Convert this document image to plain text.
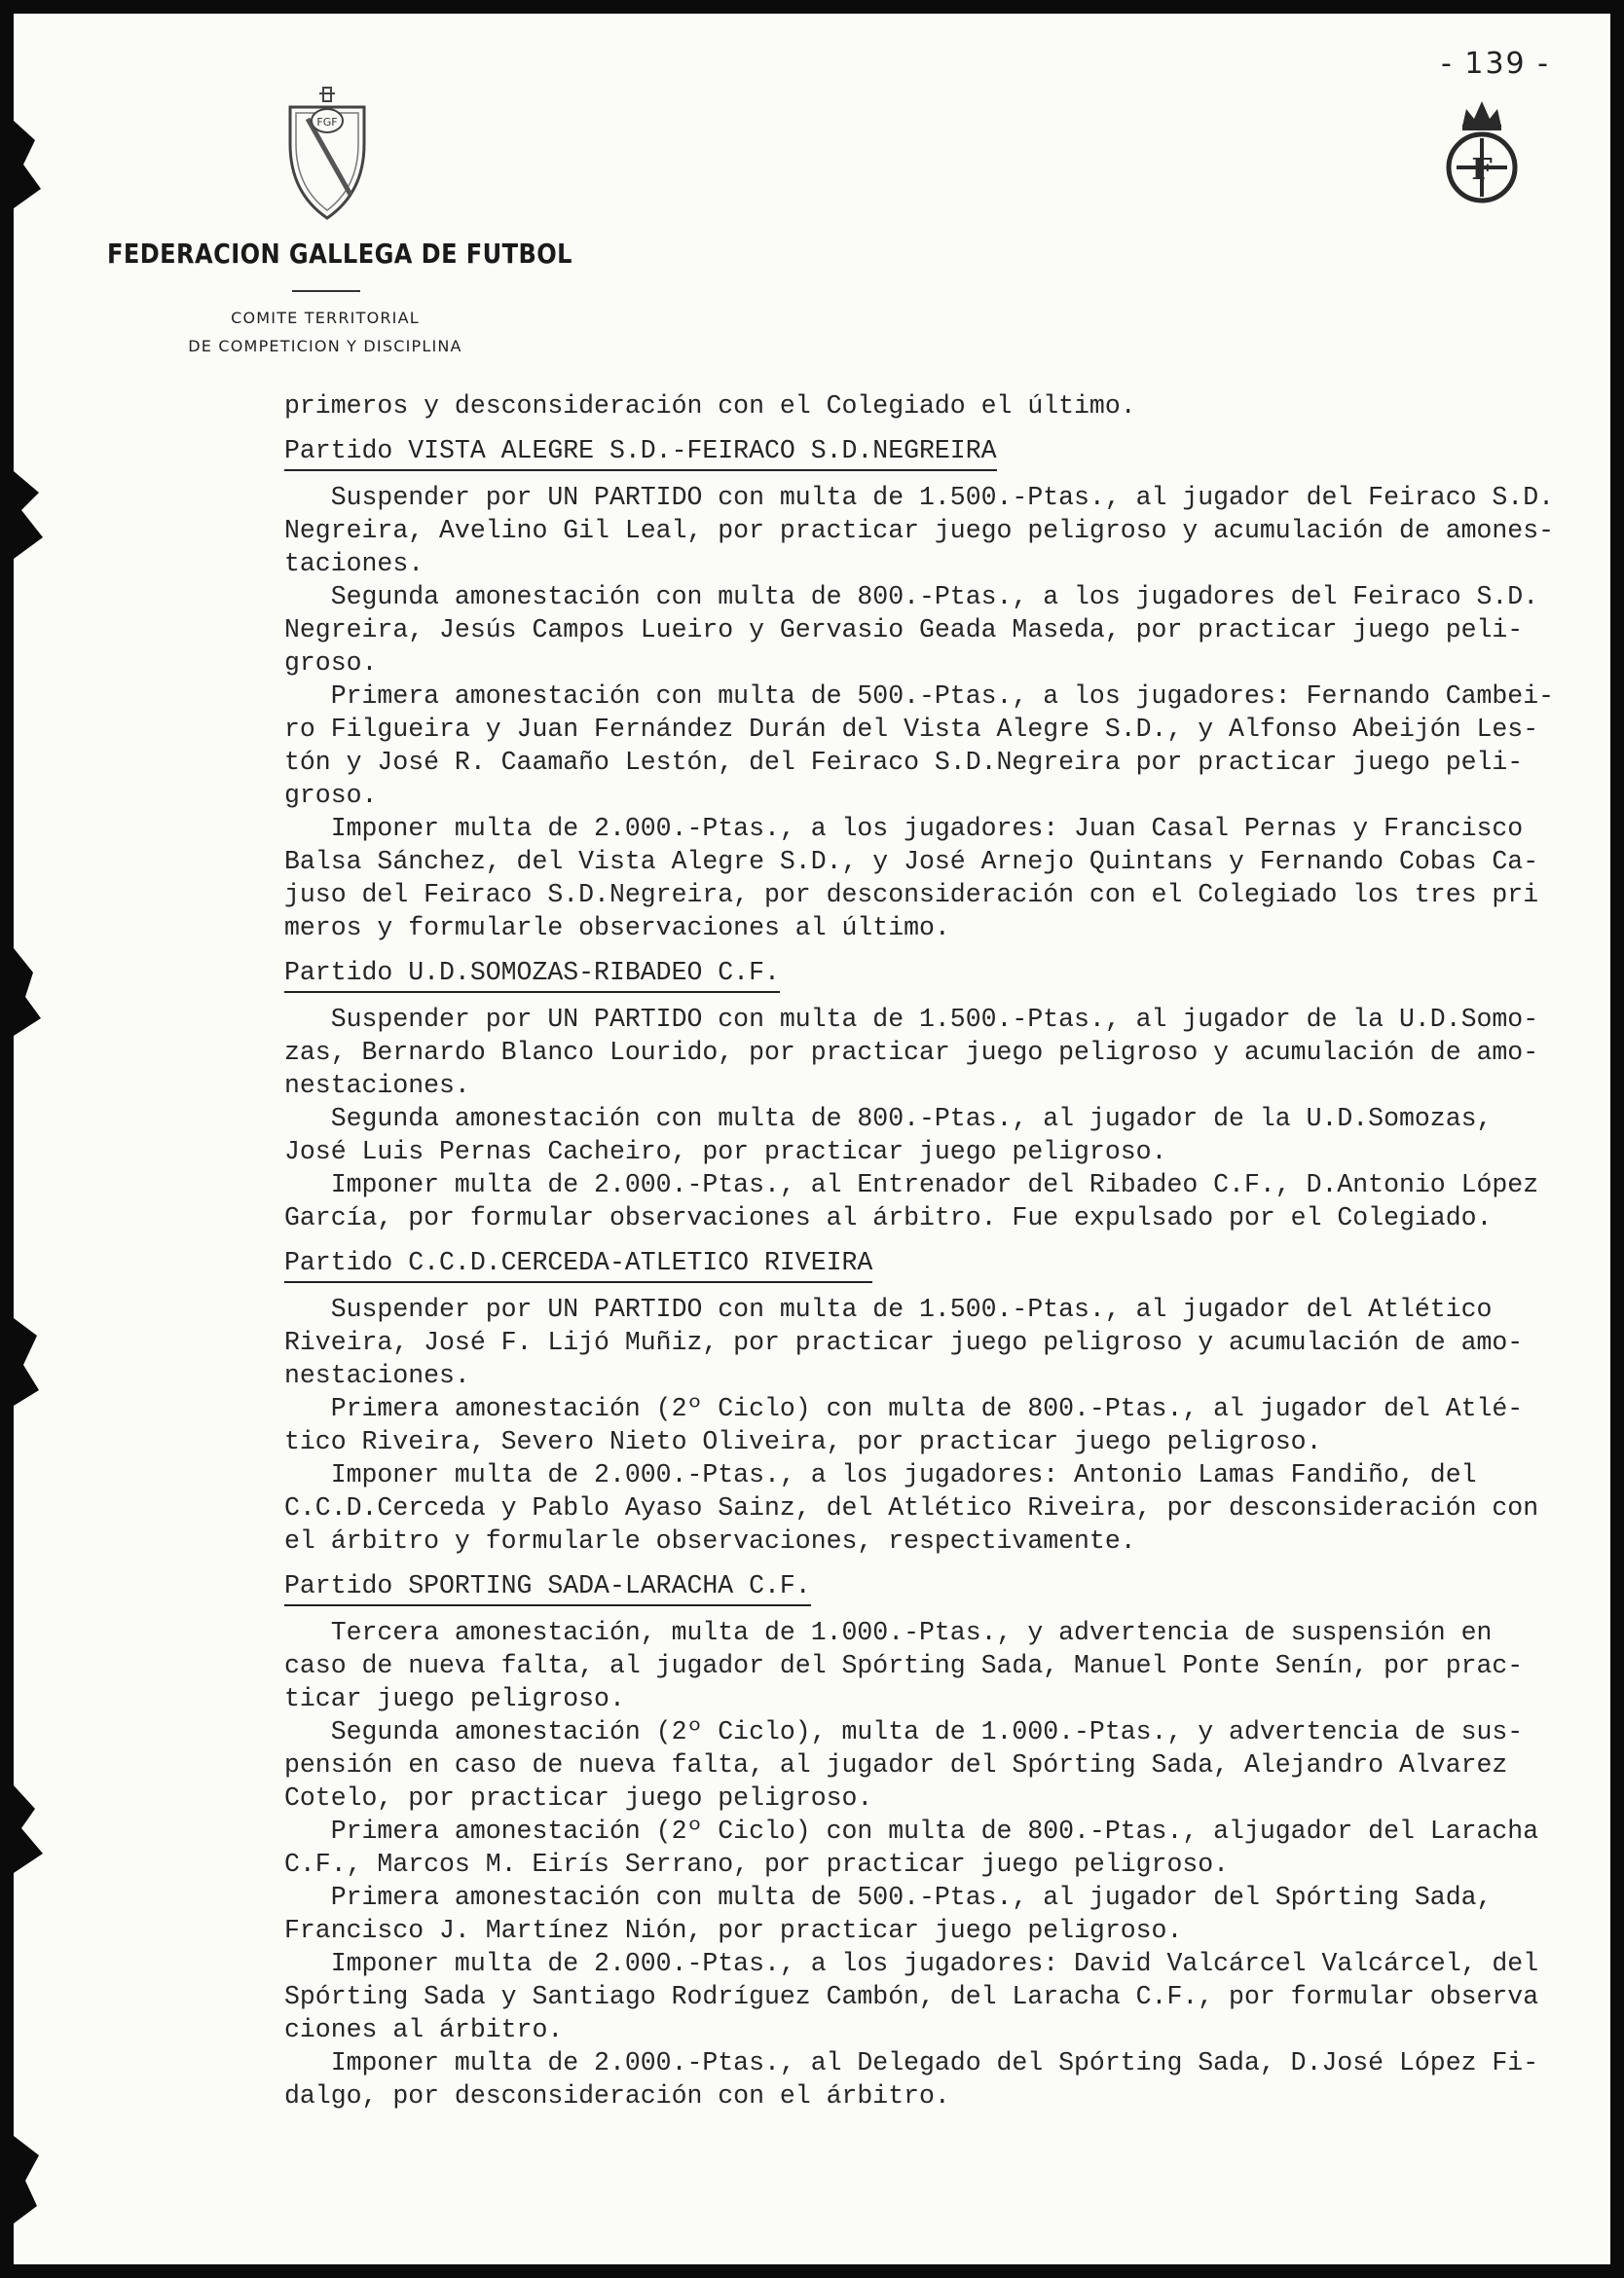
- 139 -
FGF
F
FEDERACION GALLEGA DE FUTBOL
COMITE TERRITORIAL
DE COMPETICION Y DISCIPLINA
primeros y desconsideración con el Colegiado el último.
Partido VISTA ALEGRE S.D.-FEIRACO S.D.NEGREIRA
Suspender por UN PARTIDO con multa de 1.500.-Ptas., al jugador del Feiraco S.D.
Negreira, Avelino Gil Leal, por practicar juego peligroso y acumulación de amones-
taciones.
Segunda amonestación con multa de 800.-Ptas., a los jugadores del Feiraco S.D.
Negreira, Jesús Campos Lueiro y Gervasio Geada Maseda, por practicar juego peli-
groso.
Primera amonestación con multa de 500.-Ptas., a los jugadores: Fernando Cambei-
ro Filgueira y Juan Fernández Durán del Vista Alegre S.D., y Alfonso Abeijón Les-
tón y José R. Caamaño Lestón, del Feiraco S.D.Negreira por practicar juego peli-
groso.
Imponer multa de 2.000.-Ptas., a los jugadores: Juan Casal Pernas y Francisco
Balsa Sánchez, del Vista Alegre S.D., y José Arnejo Quintans y Fernando Cobas Ca-
juso del Feiraco S.D.Negreira, por desconsideración con el Colegiado los tres pri
meros y formularle observaciones al último.
Partido U.D.SOMOZAS-RIBADEO C.F.
Suspender por UN PARTIDO con multa de 1.500.-Ptas., al jugador de la U.D.Somo-
zas, Bernardo Blanco Lourido, por practicar juego peligroso y acumulación de amo-
nestaciones.
Segunda amonestación con multa de 800.-Ptas., al jugador de la U.D.Somozas,
José Luis Pernas Cacheiro, por practicar juego peligroso.
Imponer multa de 2.000.-Ptas., al Entrenador del Ribadeo C.F., D.Antonio López
García, por formular observaciones al árbitro. Fue expulsado por el Colegiado.
Partido C.C.D.CERCEDA-ATLETICO RIVEIRA
Suspender por UN PARTIDO con multa de 1.500.-Ptas., al jugador del Atlético
Riveira, José F. Lijó Muñiz, por practicar juego peligroso y acumulación de amo-
nestaciones.
Primera amonestación (2º Ciclo) con multa de 800.-Ptas., al jugador del Atlé-
tico Riveira, Severo Nieto Oliveira, por practicar juego peligroso.
Imponer multa de 2.000.-Ptas., a los jugadores: Antonio Lamas Fandiño, del
C.C.D.Cerceda y Pablo Ayaso Sainz, del Atlético Riveira, por desconsideración con
el árbitro y formularle observaciones, respectivamente.
Partido SPORTING SADA-LARACHA C.F.
Tercera amonestación, multa de 1.000.-Ptas., y advertencia de suspensión en
caso de nueva falta, al jugador del Spórting Sada, Manuel Ponte Senín, por prac-
ticar juego peligroso.
Segunda amonestación (2º Ciclo), multa de 1.000.-Ptas., y advertencia de sus-
pensión en caso de nueva falta, al jugador del Spórting Sada, Alejandro Alvarez
Cotelo, por practicar juego peligroso.
Primera amonestación (2º Ciclo) con multa de 800.-Ptas., aljugador del Laracha
C.F., Marcos M. Eirís Serrano, por practicar juego peligroso.
Primera amonestación con multa de 500.-Ptas., al jugador del Spórting Sada,
Francisco J. Martínez Nión, por practicar juego peligroso.
Imponer multa de 2.000.-Ptas., a los jugadores: David Valcárcel Valcárcel, del
Spórting Sada y Santiago Rodríguez Cambón, del Laracha C.F., por formular observa
ciones al árbitro.
Imponer multa de 2.000.-Ptas., al Delegado del Spórting Sada, D.José López Fi-
dalgo, por desconsideración con el árbitro.
